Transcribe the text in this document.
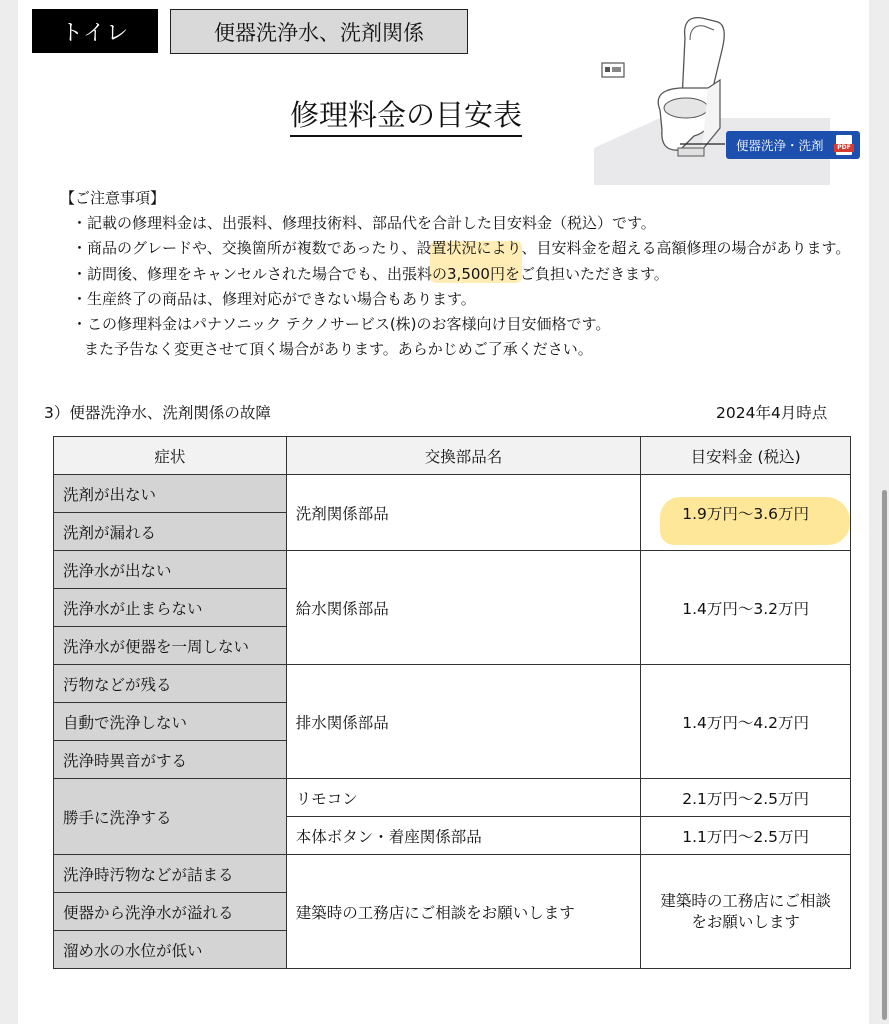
トイレ	便器洗浄水、洗剤関係
修理料金の目安表
便器洗浄・洗剤	PDF
【ご注意事項】
・記載の修理料金は、出張料、修理技術料、部品代を合計した目安料金（税込）です。
・商品のグレードや、交換箇所が複数であったり、設置状況により、目安料金を超える高額修理の場合があります。
・訪問後、修理をキャンセルされた場合でも、出張料の3,500円をご負担いただきます。
・生産終了の商品は、修理対応ができない場合もあります。
・この修理料金はパナソニック テクノサービス(株)のお客様向け目安価格です。
また予告なく変更させて頂く場合があります。あらかじめご了承ください。
3）便器洗浄水、洗剤関係の故障	2024年4月時点
症状	交換部品名	目安料金 (税込)
洗剤が出ない	洗剤関係部品	1.9万円～3.6万円
洗剤が漏れる		
洗浄水が出ない	給水関係部品	1.4万円～3.2万円
洗浄水が止まらない		
洗浄水が便器を一周しない		
汚物などが残る	排水関係部品	1.4万円～4.2万円
自動で洗浄しない		
洗浄時異音がする		
勝手に洗浄する	リモコン	2.1万円～2.5万円
	本体ボタン・着座関係部品	1.1万円～2.5万円
洗浄時汚物などが詰まる	建築時の工務店にご相談をお願いします	建築時の工務店にご相談
をお願いします

便器から洗浄水が溢れる		
溜め水の水位が低い		
